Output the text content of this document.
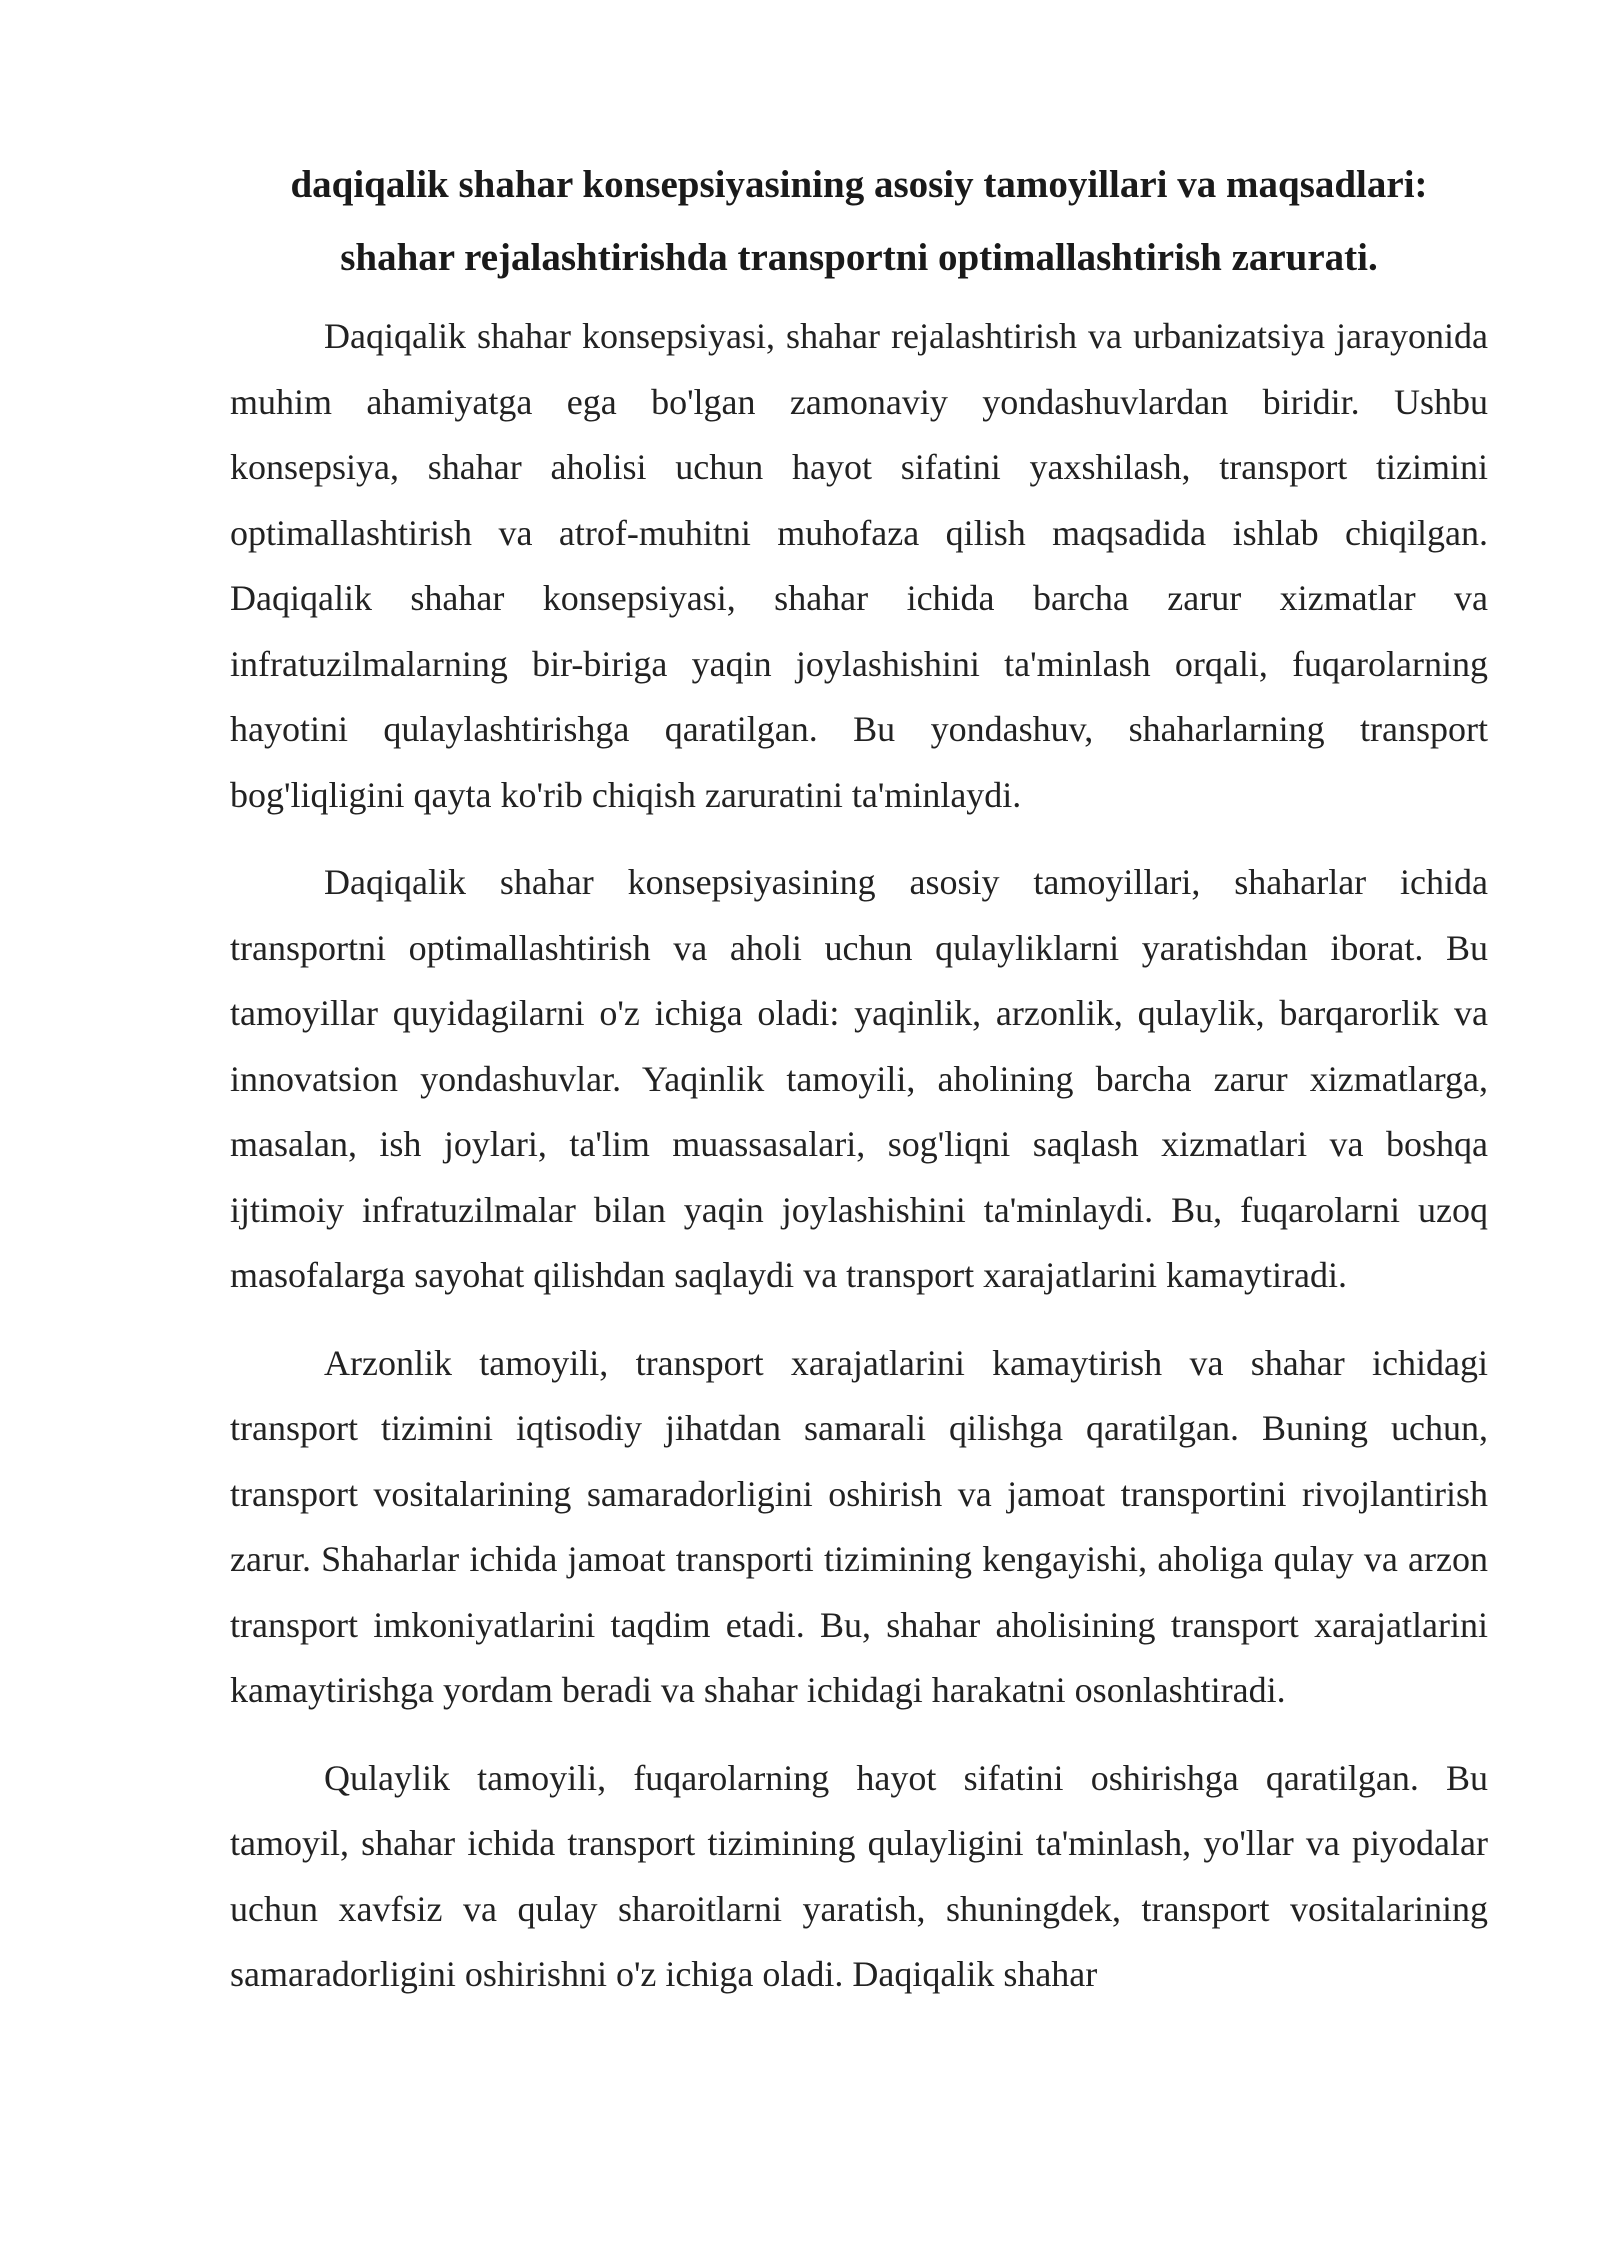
daqiqalik shahar konsepsiyasining asosiy tamoyillari va maqsadlari: shahar rejalashtirishda transportni optimallashtirish zarurati.

Daqiqalik shahar konsepsiyasi, shahar rejalashtirish va urbanizatsiya jarayonida muhim ahamiyatga ega bo'lgan zamonaviy yondashuvlardan biridir. Ushbu konsepsiya, shahar aholisi uchun hayot sifatini yaxshilash, transport tizimini optimallashtirish va atrof-muhitni muhofaza qilish maqsadida ishlab chiqilgan. Daqiqalik shahar konsepsiyasi, shahar ichida barcha zarur xizmatlar va infratuzilmalarning bir-biriga yaqin joylashishini ta'minlash orqali, fuqarolarning hayotini qulaylashtirishga qaratilgan. Bu yondashuv, shaharlarning transport bog'liqligini qayta ko'rib chiqish zaruratini ta'minlaydi.

Daqiqalik shahar konsepsiyasining asosiy tamoyillari, shaharlar ichida transportni optimallashtirish va aholi uchun qulayliklarni yaratishdan iborat. Bu tamoyillar quyidagilarni o'z ichiga oladi: yaqinlik, arzonlik, qulaylik, barqarorlik va innovatsion yondashuvlar. Yaqinlik tamoyili, aholining barcha zarur xizmatlarga, masalan, ish joylari, ta'lim muassasalari, sog'liqni saqlash xizmatlari va boshqa ijtimoiy infratuzilmalar bilan yaqin joylashishini ta'minlaydi. Bu, fuqarolarni uzoq masofalarga sayohat qilishdan saqlaydi va transport xarajatlarini kamaytiradi.

Arzonlik tamoyili, transport xarajatlarini kamaytirish va shahar ichidagi transport tizimini iqtisodiy jihatdan samarali qilishga qaratilgan. Buning uchun, transport vositalarining samaradorligini oshirish va jamoat transportini rivojlantirish zarur. Shaharlar ichida jamoat transporti tizimining kengayishi, aholiga qulay va arzon transport imkoniyatlarini taqdim etadi. Bu, shahar aholisining transport xarajatlarini kamaytirishga yordam beradi va shahar ichidagi harakatni osonlashtiradi.

Qulaylik tamoyili, fuqarolarning hayot sifatini oshirishga qaratilgan. Bu tamoyil, shahar ichida transport tizimining qulayligini ta'minlash, yo'llar va piyodalar uchun xavfsiz va qulay sharoitlarni yaratish, shuningdek, transport vositalarining samaradorligini oshirishni o'z ichiga oladi. Daqiqalik shahar
